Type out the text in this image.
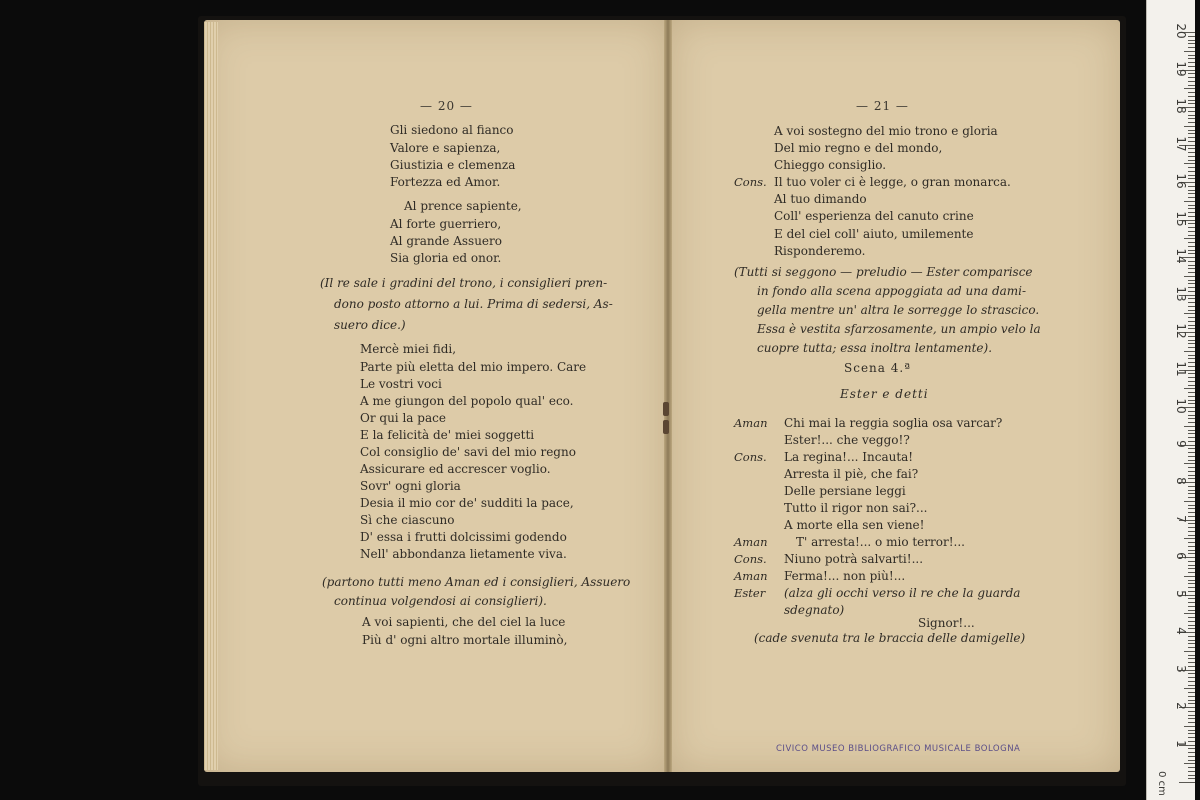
— 20 —
Gli siedono al fianco
Valore e sapienza,
Giustizia e clemenza
Fortezza ed Amor.
Al prence sapiente,
Al forte guerriero,
Al grande Assuero
Sia gloria ed onor.
(Il re sale i gradini del trono, i consiglieri pren-
dono posto attorno a lui. Prima di sedersi, As-
suero dice.)
Mercè miei fidi,
Parte più eletta del mio impero. Care
Le vostri voci
A me giungon del popolo qual' eco.
Or qui la pace
E la felicità de' miei soggetti
Col consiglio de' savi del mio regno
Assicurare ed accrescer voglio.
Sovr' ogni gloria
Desia il mio cor de' sudditi la pace,
Sì che ciascuno
D' essa i frutti dolcissimi godendo
Nell' abbondanza lietamente viva.
(partono tutti meno Aman ed i consiglieri, Assuero
continua volgendosi ai consiglieri).
A voi sapienti, che del ciel la luce
Più d' ogni altro mortale illuminò,
— 21 —
A voi sostegno del mio trono e gloria
Del mio regno e del mondo,
Chieggo consiglio.
Cons. Il tuo voler ci è legge, o gran monarca.
Al tuo dimando
Coll' esperienza del canuto crine
E del ciel coll' aiuto, umilemente
Risponderemo.
(Tutti si seggono — preludio — Ester comparisce
in fondo alla scena appoggiata ad una dami-
gella mentre un' altra le sorregge lo strascico.
Essa è vestita sfarzosamente, un ampio velo la
cuopre tutta; essa inoltra lentamente).
Scena 4.ª
Ester e detti
Aman Chi mai la reggia soglia osa varcar?
Ester!... che veggo!?
Cons. La regina!... Incauta!
Arresta il piè, che fai?
Delle persiane leggi
Tutto il rigor non sai?...
A morte ella sen viene!
Aman T' arresta!... o mio terror!...
Cons. Niuno potrà salvarti!...
Aman Ferma!... non più!...
Ester (alza gli occhi verso il re che la guarda
sdegnato)
Signor!...
(cade svenuta tra le braccia delle damigelle)
CIVICO MUSEO BIBLIOGRAFICO MUSICALE BOLOGNA
0 cm
1
2
3
4
5
6
7
8
9
10
11
12
13
14
15
16
17
18
19
20
